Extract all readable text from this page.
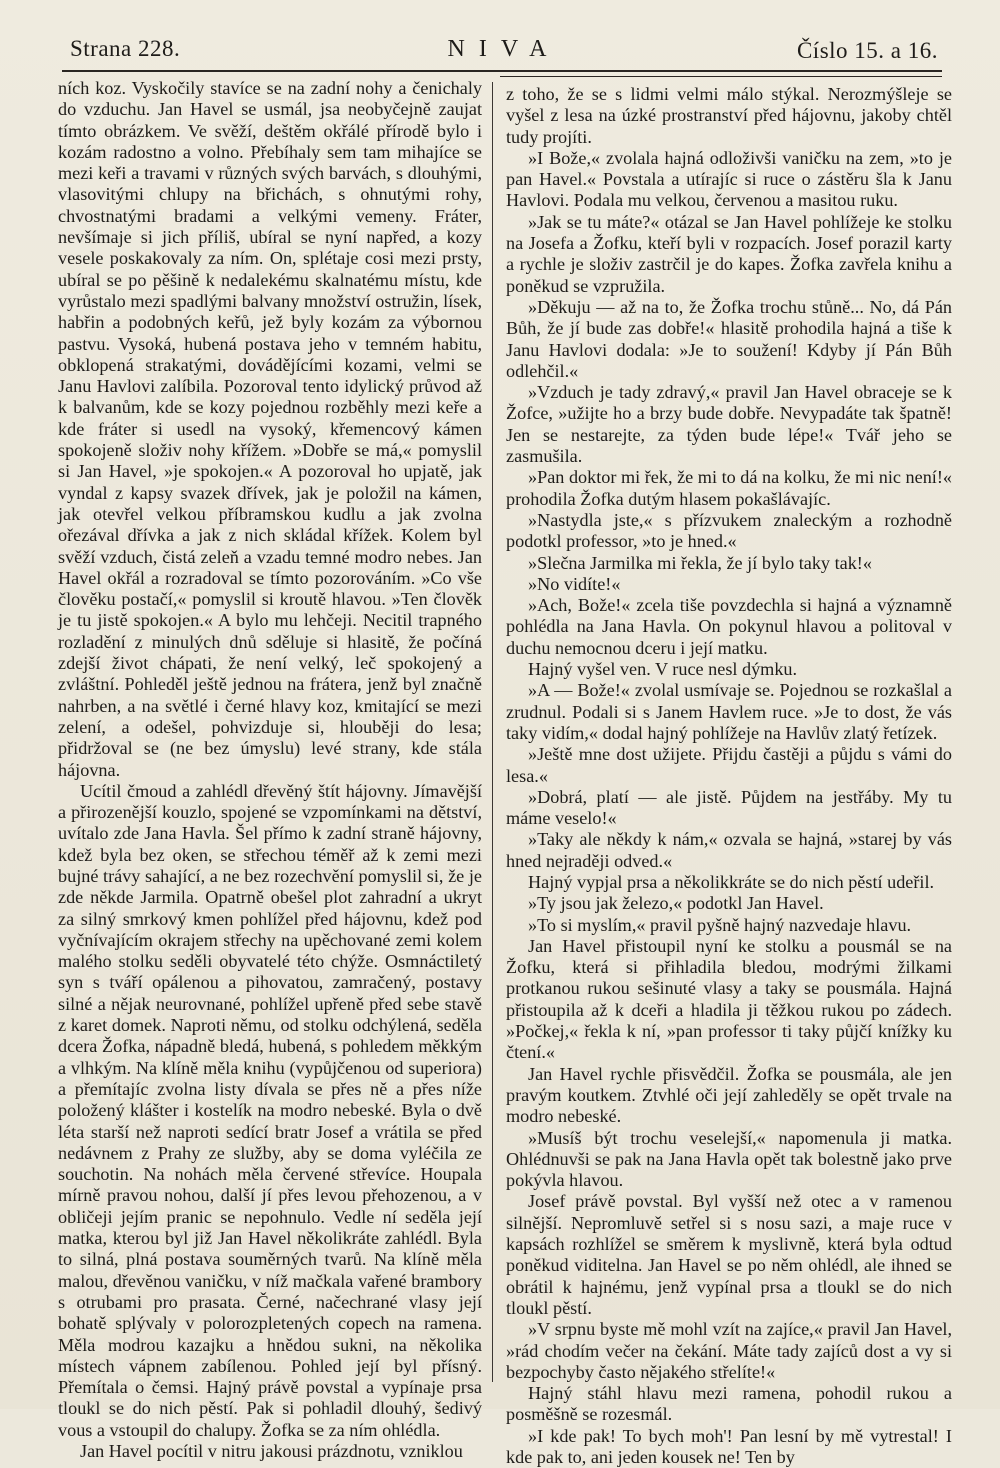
Strana 228.	NIVA	Číslo 15. a 16.

ních koz. Vyskočily stavíce se na zadní nohy a čenichaly do vzduchu. Jan Havel se usmál, jsa neobyčejně zaujat tímto obrázkem. Ve svěží, deštěm okřálé přírodě bylo i kozám radostno a volno. Přebíhaly sem tam mihajíce se mezi keři a travami v různých svých barvách, s dlouhými, vlasovitými chlupy na břichách, s ohnutými rohy, chvostnatými bradami a velkými vemeny. Fráter, nevšímaje si jich příliš, ubíral se nyní napřed, a kozy vesele poskakovaly za ním. On, splétaje cosi mezi prsty, ubíral se po pěšině k nedalekému skalnatému místu, kde vyrůstalo mezi spadlými balvany množství ostružin, lísek, habřin a podobných keřů, jež byly kozám za výbornou pastvu. Vysoká, hubená postava jeho v temném habitu, obklopená strakatými, dováděj​ícími kozami, velmi se Janu Havlovi zalíbila. Pozoroval tento idylický průvod až k balvanům, kde se kozy pojednou rozběhly mezi keře a kde fráter si usedl na vysoký, křemencový kámen spokojeně složiv nohy křížem. »Dobře se má,« pomyslil si Jan Havel, »je spokojen.« A pozoroval ho upjatě, jak vyndal z kapsy svazek dřívek, jak je položil na kámen, jak otevřel velkou příbramskou kudlu a jak zvolna ořezával dřívka a jak z nich skládal křížek. Kolem byl svěží vzduch, čistá zeleň a vzadu temné modro nebes. Jan Havel okřál a rozradoval se tímto pozorováním. »Co vše člověku postačí,« pomyslil si kroutě hlavou. »Ten člověk je tu jistě spokojen.« A bylo mu lehčeji. Necitil trapného rozladění z minulých dnů sděluje si hlasitě, že počíná zdejší život chápati, že není velký, leč spokojený a zvláštní. Pohleděl ještě jednou na frátera, jenž byl značně nahrben, a na světlé i černé hlavy koz, kmitající se mezi zelení, a odešel, pohvizduje si, hlouběji do lesa; přidržoval se (ne bez úmyslu) levé strany, kde stála hájovna.

Ucítil čmoud a zahlédl dřevěný štít hájovny. Jímavější a přirozenější kouzlo, spojené se vzpomínkami na dětství, uvítalo zde Jana Havla. Šel přímo k zadní straně hájovny, kdež byla bez oken, se střechou téměř až k zemi mezi bujné trávy sahající, a ne bez rozechvění pomyslil si, že je zde někde Jarmila. Opatrně obešel plot zahradní a ukryt za silný smrkový kmen pohlížel před hájovnu, kdež pod vyčnívajícím okrajem střechy na upěchované zemi kolem malého stolku seděli obyvatelé této chýže. Osmnáctiletý syn s tváří opálenou a pihovatou, zamračený, postavy silné a nějak neurovnané, pohlížel upřeně před sebe stavě z karet domek. Naproti němu, od stolku odchýlená, seděla dcera Žofka, nápadně bledá, hubená, s pohledem měkkým a vlhkým. Na klíně měla knihu (vypůjčenou od superiora) a přemítajíc zvolna listy dívala se přes ně a přes níže položený klášter i kostelík na modro nebeské. Byla o dvě léta starší než naproti sedící bratr Josef a vrátila se před nedávnem z Prahy ze služby, aby se doma vyléčila ze souchotin. Na nohách měla červené střevíce. Houpala mírně pravou nohou, další jí přes levou přehozenou, a v obličeji jejím pranic se nepohnulo. Vedle ní seděla její matka, kterou byl již Jan Havel několikráte zahlédl. Byla to silná, plná postava souměrných tvarů. Na klíně měla malou, dřevěnou vaničku, v níž mačkala vařené brambory s otrubami pro prasata. Černé, načechrané vlasy její bohatě splývaly v polorozpletených copech na ramena. Měla modrou kazajku a hnědou sukni, na několika místech vápnem zabílenou. Pohled její byl přísný. Přemítala o čemsi. Hajný právě povstal a vypínaje prsa tloukl se do nich pěstí. Pak si pohladil dlouhý, šedivý vous a vstoupil do chalupy. Žofka se za ním ohlédla.

Jan Havel pocítil v nitru jakousi prázdnotu, vzniklou

z toho, že se s lidmi velmi málo stýkal. Nerozmýšleje se vyšel z lesa na úzké prostranství před hájovnu, jakoby chtěl tudy projíti.

»I Bože,« zvolala hajná odloživši vaničku na zem, »to je pan Havel.« Povstala a utírajíc si ruce o zástěru šla k Janu Havlovi. Podala mu velkou, červenou a masitou ruku.

»Jak se tu máte?« otázal se Jan Havel pohlížeje ke stolku na Josefa a Žofku, kteří byli v rozpacích. Josef porazil karty a rychle je složiv zastrčil je do kapes. Žofka zavřela knihu a poněkud se vzpružila.

»Děkuju — až na to, že Žofka trochu stůně... No, dá Pán Bůh, že jí bude zas dobře!« hlasitě prohodila hajná a tiše k Janu Havlovi dodala: »Je to soužení! Kdyby jí Pán Bůh odlehčil.«

»Vzduch je tady zdravý,« pravil Jan Havel obraceje se k Žofce, »užijte ho a brzy bude dobře. Nevypadáte tak špatně! Jen se nestarejte, za týden bude lépe!« Tvář jeho se zasmušila.

»Pan doktor mi řek, že mi to dá na kolku, že mi nic není!« prohodila Žofka dutým hlasem pokašlávajíc.

»Nastydla jste,« s přízvukem znaleckým a rozhodně podotkl professor, »to je hned.«

»Slečna Jarmilka mi řekla, že jí bylo taky tak!«

»No vidíte!«

»Ach, Bože!« zcela tiše povzdechla si hajná a významně pohlédla na Jana Havla. On pokynul hlavou a politoval v duchu nemocnou dceru i její matku.

Hajný vyšel ven. V ruce nesl dýmku.

»A — Bože!« zvolal usmívaje se. Pojednou se rozkašlal a zrudnul. Podali si s Janem Havlem ruce. »Je to dost, že vás taky vidím,« dodal hajný pohlížeje na Havlův zlatý řetízek.

»Ještě mne dost užijete. Přijdu častěji a půjdu s vámi do lesa.«

»Dobrá, platí — ale jistě. Půjdem na jestřáby. My tu máme veselo!«

»Taky ale někdy k nám,« ozvala se hajná, »starej by vás hned nejraději odved.«

Hajný vypjal prsa a několikkráte se do nich pěstí udeřil.

»Ty jsou jak železo,« podotkl Jan Havel.

»To si myslím,« pravil pyšně hajný nazvedaje hlavu.

Jan Havel přistoupil nyní ke stolku a pousmál se na Žofku, která si přihladila bledou, modrými žilkami protkanou rukou sešinuté vlasy a taky se pousmála. Hajná přistoupila až k dceři a hladila ji těžkou rukou po zádech. »Počkej,« řekla k ní, »pan professor ti taky půjčí knížky ku čtení.«

Jan Havel rychle přisvědčil. Žofka se pousmála, ale jen pravým koutkem. Ztvhlé oči její zahleděly se opět trvale na modro nebeské.

»Musíš být trochu veselejší,« napomenula ji matka. Ohlédnuvši se pak na Jana Havla opět tak bolestně jako prve pokývla hlavou.

Josef právě povstal. Byl vyšší než otec a v ramenou silnější. Nepromluvě setřel si s nosu sazi, a maje ruce v kapsách rozhlížel se směrem k myslivně, která byla odtud poněkud viditelna. Jan Havel se po něm ohlédl, ale ihned se obrátil k hajnému, jenž vypínal prsa a tloukl se do nich tloukl pěstí.

»V srpnu byste mě mohl vzít na zajíce,« pravil Jan Havel, »rád chodím večer na čekání. Máte tady zajíců dost a vy si bezpochyby často nějakého střelíte!«

Hajný stáhl hlavu mezi ramena, pohodil rukou a posměšně se rozesmál.

»I kde pak! To bych moh'! Pan lesní by mě vytrestal! I kde pak to, ani jeden kousek ne! Ten by
